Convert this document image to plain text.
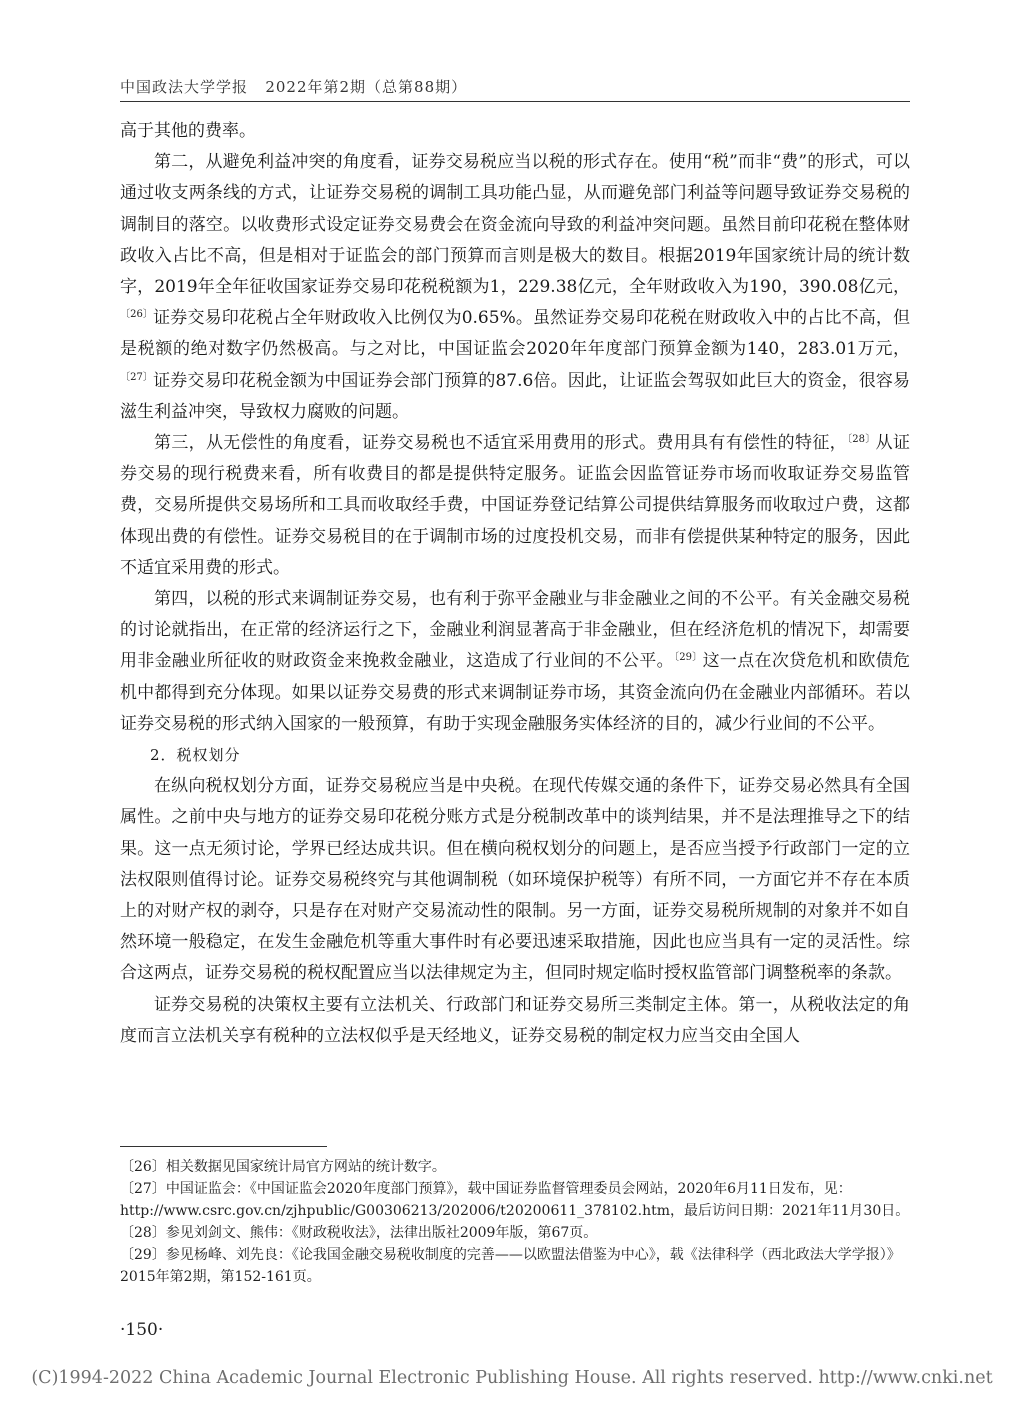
中国政法大学学报 2022年第2期（总第88期）

高于其他的费率。

第二，从避免利益冲突的角度看，证券交易税应当以税的形式存在。使用“税”而非“费”的形式，可以通过收支两条线的方式，让证券交易税的调制工具功能凸显，从而避免部门利益等问题导致证券交易税的调制目的落空。以收费形式设定证券交易费会在资金流向导致的利益冲突问题。虽然目前印花税在整体财政收入占比不高，但是相对于证监会的部门预算而言则是极大的数目。根据2019年国家统计局的统计数字，2019年全年征收国家证券交易印花税税额为1，229.38亿元，全年财政收入为190，390.08亿元，$^{〔26〕}$证券交易印花税占全年财政收入比例仅为0.65%。虽然证券交易印花税在财政收入中的占比不高，但是税额的绝对数字仍然极高。与之对比，中国证监会2020年年度部门预算金额为140，283.01万元，$^{〔27〕}$证券交易印花税金额为中国证券会部门预算的87.6倍。因此，让证监会驾驭如此巨大的资金，很容易滋生利益冲突，导致权力腐败的问题。

第三，从无偿性的角度看，证券交易税也不适宜采用费用的形式。费用具有有偿性的特征，$^{〔28〕}$从证券交易的现行税费来看，所有收费目的都是提供特定服务。证监会因监管证券市场而收取证券交易监管费，交易所提供交易场所和工具而收取经手费，中国证券登记结算公司提供结算服务而收取过户费，这都体现出费的有偿性。证券交易税目的在于调制市场的过度投机交易，而非有偿提供某种特定的服务，因此不适宜采用费的形式。

第四，以税的形式来调制证券交易，也有利于弥平金融业与非金融业之间的不公平。有关金融交易税的讨论就指出，在正常的经济运行之下，金融业利润显著高于非金融业，但在经济危机的情况下，却需要用非金融业所征收的财政资金来挽救金融业，这造成了行业间的不公平。$^{〔29〕}$这一点在次贷危机和欧债危机中都得到充分体现。如果以证券交易费的形式来调制证券市场，其资金流向仍在金融业内部循环。若以证券交易税的形式纳入国家的一般预算，有助于实现金融服务实体经济的目的，减少行业间的不公平。

2．税权划分

在纵向税权划分方面，证券交易税应当是中央税。在现代传媒交通的条件下，证券交易必然具有全国属性。之前中央与地方的证券交易印花税分账方式是分税制改革中的谈判结果，并不是法理推导之下的结果。这一点无须讨论，学界已经达成共识。但在横向税权划分的问题上，是否应当授予行政部门一定的立法权限则值得讨论。证券交易税终究与其他调制税（如环境保护税等）有所不同，一方面它并不存在本质上的对财产权的剥夺，只是存在对财产交易流动性的限制。另一方面，证券交易税所规制的对象并不如自然环境一般稳定，在发生金融危机等重大事件时有必要迅速采取措施，因此也应当具有一定的灵活性。综合这两点，证券交易税的税权配置应当以法律规定为主，但同时规定临时授权监管部门调整税率的条款。

证券交易税的决策权主要有立法机关、行政部门和证券交易所三类制定主体。第一，从税收法定的角度而言立法机关享有税种的立法权似乎是天经地义，证券交易税的制定权力应当交由全国人

〔26〕相关数据见国家统计局官方网站的统计数字。

〔27〕中国证监会：《中国证监会2020年度部门预算》，载中国证券监督管理委员会网站，2020年6月11日发布，见：http://www.csrc.gov.cn/zjhpublic/G00306213/202006/t20200611_378102.htm，最后访问日期：2021年11月30日。

〔28〕参见刘剑文、熊伟：《财政税收法》，法律出版社2009年版，第67页。

〔29〕参见杨峰、刘先良：《论我国金融交易税收制度的完善——以欧盟法借鉴为中心》，载《法律科学（西北政法大学学报）》2015年第2期，第152-161页。

·150·
(C)1994-2022 China Academic Journal Electronic Publishing House. All rights reserved. http://www.cnki.net
